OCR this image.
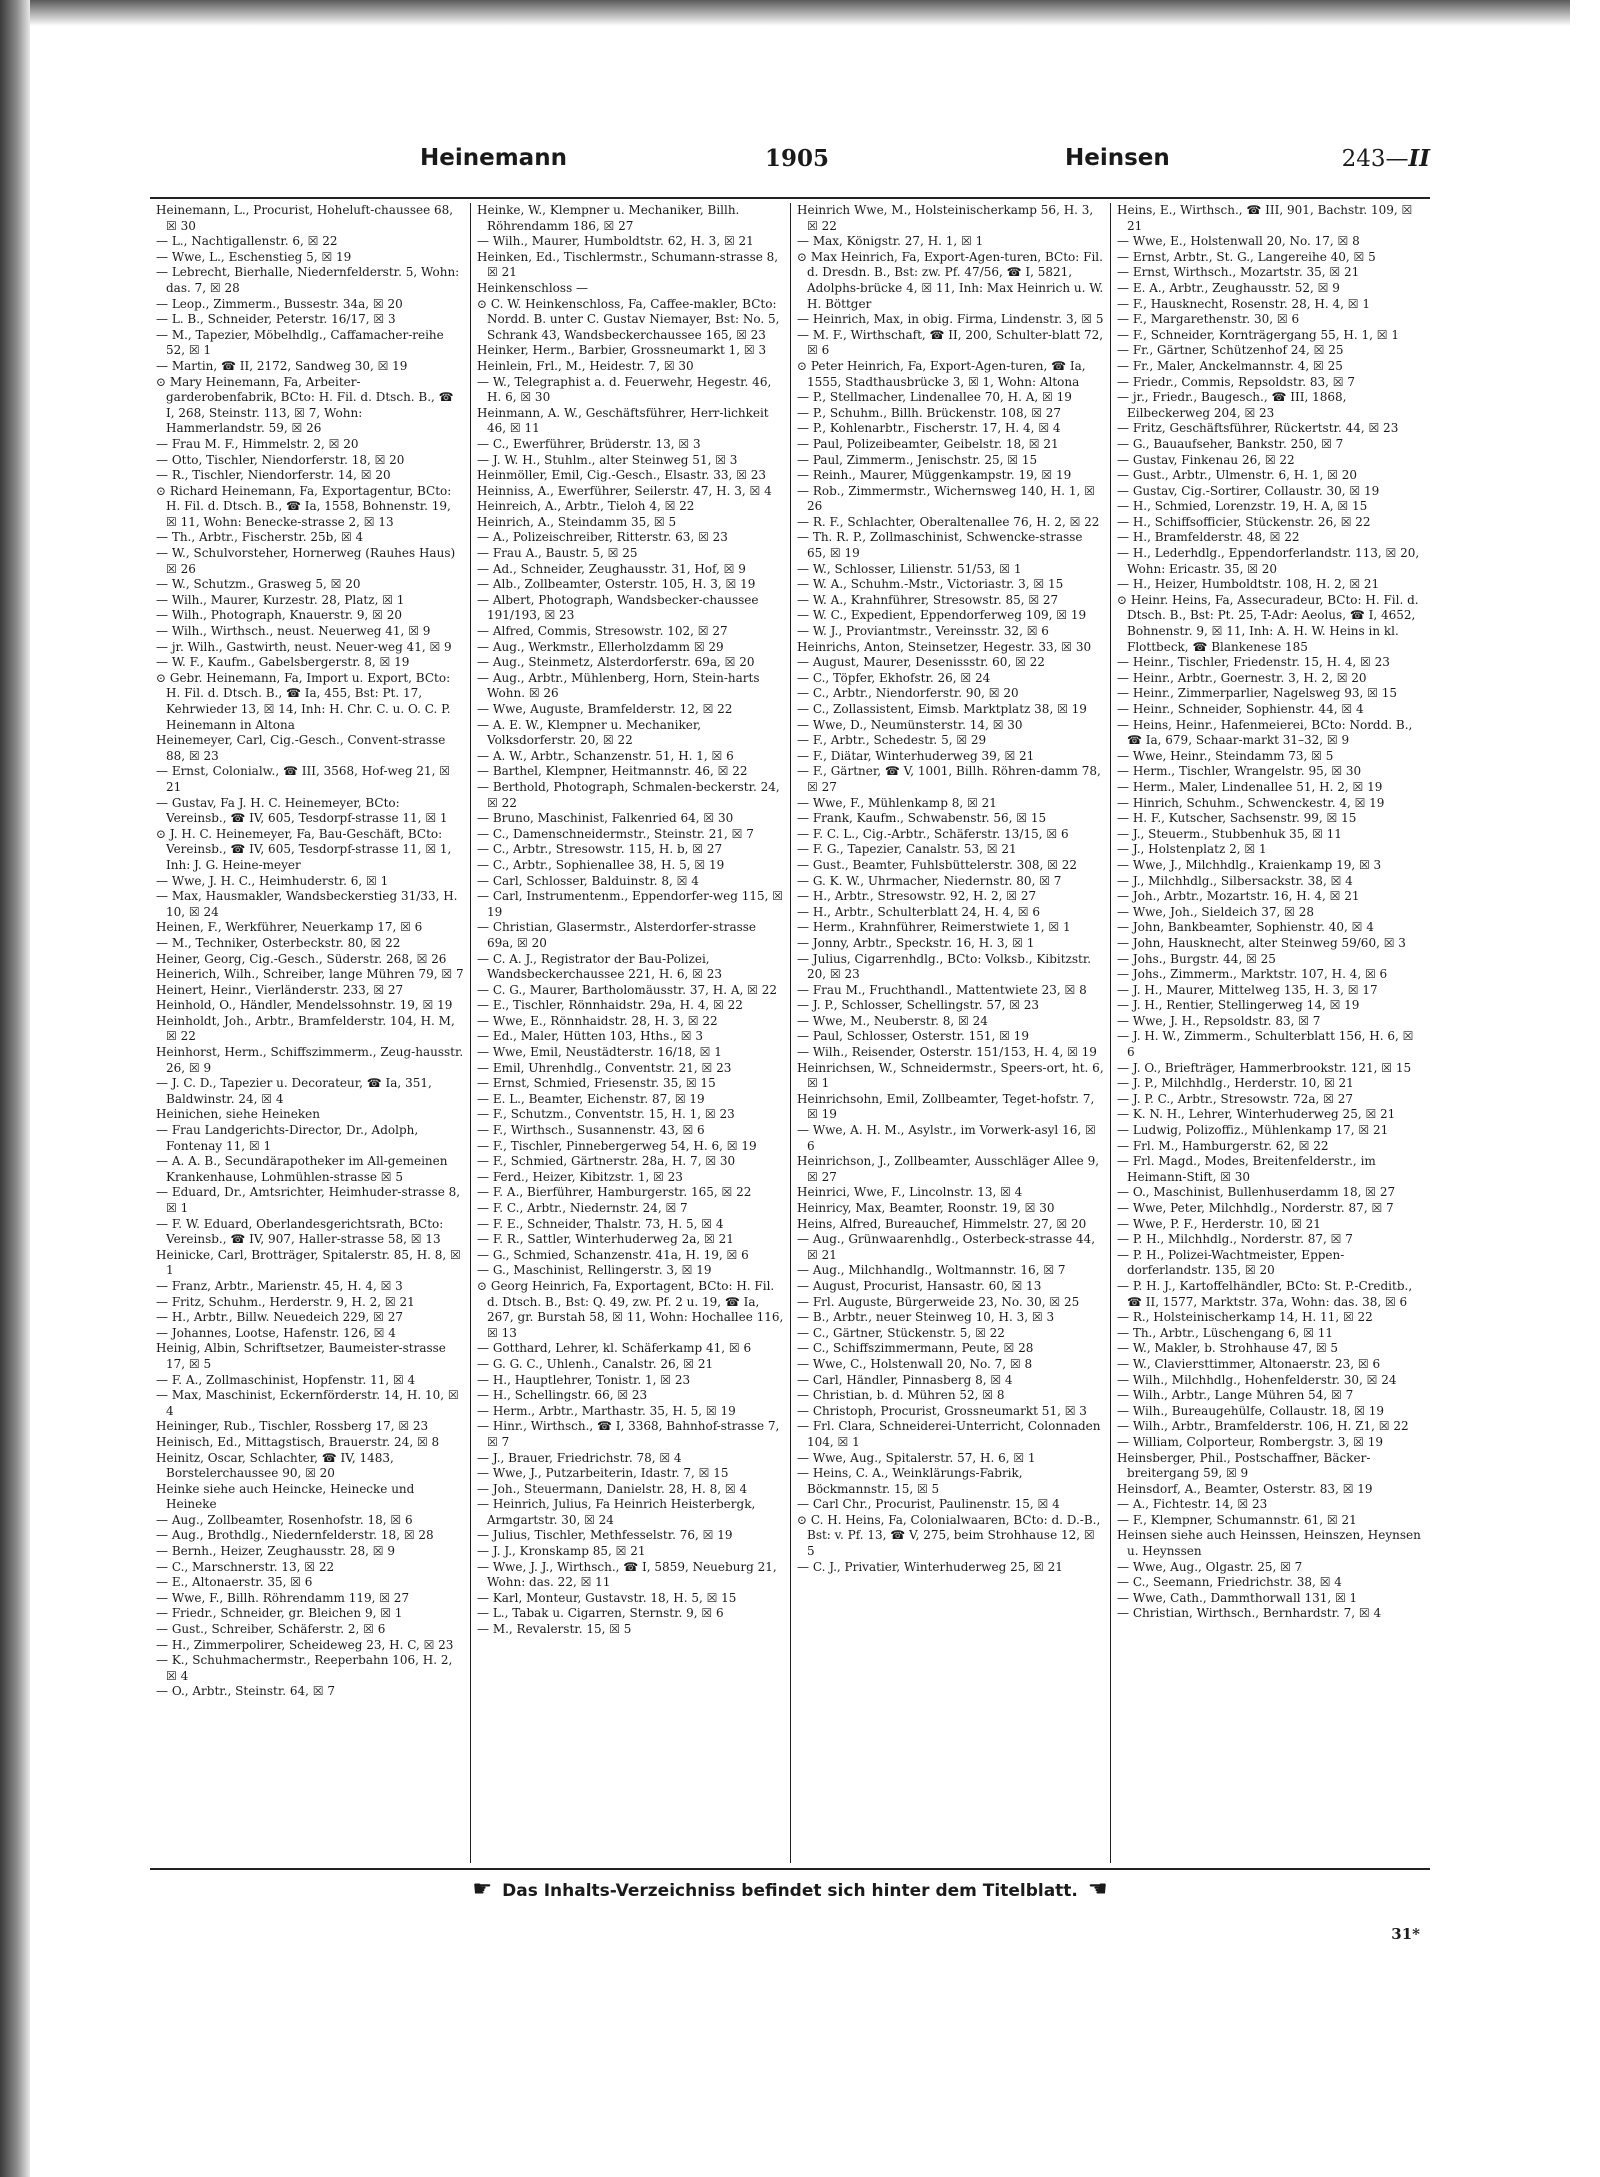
Heinemann	1905	Heinsen	243—II

Heinemann, L., Procurist, Hoheluft-chaussee 68, ☒ 30

— L., Nachtigallenstr. 6, ☒ 22

— Wwe, L., Eschenstieg 5, ☒ 19

— Lebrecht, Bierhalle, Niedernfelderstr. 5, Wohn: das. 7, ☒ 28

— Leop., Zimmerm., Bussestr. 34a, ☒ 20

— L. B., Schneider, Peterstr. 16/17, ☒ 3

— M., Tapezier, Möbelhdlg., Caffamacher-reihe 52, ☒ 1

— Martin, ☎ II, 2172, Sandweg 30, ☒ 19

⊙ Mary Heinemann, Fa, Arbeiter-garderobenfabrik, BCto: H. Fil. d. Dtsch. B., ☎ I, 268, Steinstr. 113, ☒ 7, Wohn: Hammerlandstr. 59, ☒ 26

— Frau M. F., Himmelstr. 2, ☒ 20

— Otto, Tischler, Niendorferstr. 18, ☒ 20

— R., Tischler, Niendorferstr. 14, ☒ 20

⊙ Richard Heinemann, Fa, Exportagentur, BCto: H. Fil. d. Dtsch. B., ☎ Ia, 1558, Bohnenstr. 19, ☒ 11, Wohn: Benecke-strasse 2, ☒ 13

— Th., Arbtr., Fischerstr. 25b, ☒ 4

— W., Schulvorsteher, Hornerweg (Rauhes Haus) ☒ 26

— W., Schutzm., Grasweg 5, ☒ 20

— Wilh., Maurer, Kurzestr. 28, Platz, ☒ 1

— Wilh., Photograph, Knauerstr. 9, ☒ 20

— Wilh., Wirthsch., neust. Neuerweg 41, ☒ 9

— jr. Wilh., Gastwirth, neust. Neuer-weg 41, ☒ 9

— W. F., Kaufm., Gabelsbergerstr. 8, ☒ 19

⊙ Gebr. Heinemann, Fa, Import u. Export, BCto: H. Fil. d. Dtsch. B., ☎ Ia, 455, Bst: Pt. 17, Kehrwieder 13, ☒ 14, Inh: H. Chr. C. u. O. C. P. Heinemann in Altona

Heinemeyer, Carl, Cig.-Gesch., Convent-strasse 88, ☒ 23

— Ernst, Colonialw., ☎ III, 3568, Hof-weg 21, ☒ 21

— Gustav, Fa J. H. C. Heinemeyer, BCto: Vereinsb., ☎ IV, 605, Tesdorpf-strasse 11, ☒ 1

⊙ J. H. C. Heinemeyer, Fa, Bau-Geschäft, BCto: Vereinsb., ☎ IV, 605, Tesdorpf-strasse 11, ☒ 1, Inh: J. G. Heine-meyer

— Wwe, J. H. C., Heimhuderstr. 6, ☒ 1

— Max, Hausmakler, Wandsbeckerstieg 31/33, H. 10, ☒ 24

Heinen, F., Werkführer, Neuerkamp 17, ☒ 6

— M., Techniker, Osterbeckstr. 80, ☒ 22

Heiner, Georg, Cig.-Gesch., Süderstr. 268, ☒ 26

Heinerich, Wilh., Schreiber, lange Mühren 79, ☒ 7

Heinert, Heinr., Vierländerstr. 233, ☒ 27

Heinhold, O., Händler, Mendelssohnstr. 19, ☒ 19

Heinholdt, Joh., Arbtr., Bramfelderstr. 104, H. M, ☒ 22

Heinhorst, Herm., Schiffszimmerm., Zeug-hausstr. 26, ☒ 9

— J. C. D., Tapezier u. Decorateur, ☎ Ia, 351, Baldwinstr. 24, ☒ 4

Heinichen, siehe Heineken

— Frau Landgerichts-Director, Dr., Adolph, Fontenay 11, ☒ 1

— A. A. B., Secundärapotheker im All-gemeinen Krankenhause, Lohmühlen-strasse ☒ 5

— Eduard, Dr., Amtsrichter, Heimhuder-strasse 8, ☒ 1

— F. W. Eduard, Oberlandesgerichtsrath, BCto: Vereinsb., ☎ IV, 907, Haller-strasse 58, ☒ 13

Heinicke, Carl, Brotträger, Spitalerstr. 85, H. 8, ☒ 1

— Franz, Arbtr., Marienstr. 45, H. 4, ☒ 3

— Fritz, Schuhm., Herderstr. 9, H. 2, ☒ 21

— H., Arbtr., Billw. Neuedeich 229, ☒ 27

— Johannes, Lootse, Hafenstr. 126, ☒ 4

Heinig, Albin, Schriftsetzer, Baumeister-strasse 17, ☒ 5

— F. A., Zollmaschinist, Hopfenstr. 11, ☒ 4

— Max, Maschinist, Eckernförderstr. 14, H. 10, ☒ 4

Heininger, Rub., Tischler, Rossberg 17, ☒ 23

Heinisch, Ed., Mittagstisch, Brauerstr. 24, ☒ 8

Heinitz, Oscar, Schlachter, ☎ IV, 1483, Borstelerchaussee 90, ☒ 20

Heinke siehe auch Heincke, Heinecke und Heineke

— Aug., Zollbeamter, Rosenhofstr. 18, ☒ 6

— Aug., Brothdlg., Niedernfelderstr. 18, ☒ 28

— Bernh., Heizer, Zeughausstr. 28, ☒ 9

— C., Marschnerstr. 13, ☒ 22

— E., Altonaerstr. 35, ☒ 6

— Wwe, F., Billh. Röhrendamm 119, ☒ 27

— Friedr., Schneider, gr. Bleichen 9, ☒ 1

— Gust., Schreiber, Schäferstr. 2, ☒ 6

— H., Zimmerpolirer, Scheideweg 23, H. C, ☒ 23

— K., Schuhmachermstr., Reeperbahn 106, H. 2, ☒ 4

— O., Arbtr., Steinstr. 64, ☒ 7

Heinke, W., Klempner u. Mechaniker, Billh. Röhrendamm 186, ☒ 27

— Wilh., Maurer, Humboldtstr. 62, H. 3, ☒ 21

Heinken, Ed., Tischlermstr., Schumann-strasse 8, ☒ 21

Heinkenschloss —

⊙ C. W. Heinkenschloss, Fa, Caffee-makler, BCto: Nordd. B. unter C. Gustav Niemayer, Bst: No. 5, Schrank 43, Wandsbeckerchaussee 165, ☒ 23

Heinker, Herm., Barbier, Grossneumarkt 1, ☒ 3

Heinlein, Frl., M., Heidestr. 7, ☒ 30

— W., Telegraphist a. d. Feuerwehr, Hegestr. 46, H. 6, ☒ 30

Heinmann, A. W., Geschäftsführer, Herr-lichkeit 46, ☒ 11

— C., Ewerführer, Brüderstr. 13, ☒ 3

— J. W. H., Stuhlm., alter Steinweg 51, ☒ 3

Heinmöller, Emil, Cig.-Gesch., Elsastr. 33, ☒ 23

Heinniss, A., Ewerführer, Seilerstr. 47, H. 3, ☒ 4

Heinreich, A., Arbtr., Tieloh 4, ☒ 22

Heinrich, A., Steindamm 35, ☒ 5

— A., Polizeischreiber, Ritterstr. 63, ☒ 23

— Frau A., Baustr. 5, ☒ 25

— Ad., Schneider, Zeughausstr. 31, Hof, ☒ 9

— Alb., Zollbeamter, Osterstr. 105, H. 3, ☒ 19

— Albert, Photograph, Wandsbecker-chaussee 191/193, ☒ 23

— Alfred, Commis, Stresowstr. 102, ☒ 27

— Aug., Werkmstr., Ellerholzdamm ☒ 29

— Aug., Steinmetz, Alsterdorferstr. 69a, ☒ 20

— Aug., Arbtr., Mühlenberg, Horn, Stein-harts Wohn. ☒ 26

— Wwe, Auguste, Bramfelderstr. 12, ☒ 22

— A. E. W., Klempner u. Mechaniker, Volksdorferstr. 20, ☒ 22

— A. W., Arbtr., Schanzenstr. 51, H. 1, ☒ 6

— Barthel, Klempner, Heitmannstr. 46, ☒ 22

— Berthold, Photograph, Schmalen-beckerstr. 24, ☒ 22

— Bruno, Maschinist, Falkenried 64, ☒ 30

— C., Damenschneidermstr., Steinstr. 21, ☒ 7

— C., Arbtr., Stresowstr. 115, H. b, ☒ 27

— C., Arbtr., Sophienallee 38, H. 5, ☒ 19

— Carl, Schlosser, Balduinstr. 8, ☒ 4

— Carl, Instrumentenm., Eppendorfer-weg 115, ☒ 19

— Christian, Glasermstr., Alsterdorfer-strasse 69a, ☒ 20

— C. A. J., Registrator der Bau-Polizei, Wandsbeckerchaussee 221, H. 6, ☒ 23

— C. G., Maurer, Bartholomäusstr. 37, H. A, ☒ 22

— E., Tischler, Rönnhaidstr. 29a, H. 4, ☒ 22

— Wwe, E., Rönnhaidstr. 28, H. 3, ☒ 22

— Ed., Maler, Hütten 103, Hths., ☒ 3

— Wwe, Emil, Neustädterstr. 16/18, ☒ 1

— Emil, Uhrenhdlg., Conventstr. 21, ☒ 23

— Ernst, Schmied, Friesenstr. 35, ☒ 15

— E. L., Beamter, Eichenstr. 87, ☒ 19

— F., Schutzm., Conventstr. 15, H. 1, ☒ 23

— F., Wirthsch., Susannenstr. 43, ☒ 6

— F., Tischler, Pinnebergerweg 54, H. 6, ☒ 19

— F., Schmied, Gärtnerstr. 28a, H. 7, ☒ 30

— Ferd., Heizer, Kibitzstr. 1, ☒ 23

— F. A., Bierführer, Hamburgerstr. 165, ☒ 22

— F. C., Arbtr., Niedernstr. 24, ☒ 7

— F. E., Schneider, Thalstr. 73, H. 5, ☒ 4

— F. R., Sattler, Winterhuderweg 2a, ☒ 21

— G., Schmied, Schanzenstr. 41a, H. 19, ☒ 6

— G., Maschinist, Rellingerstr. 3, ☒ 19

⊙ Georg Heinrich, Fa, Exportagent, BCto: H. Fil. d. Dtsch. B., Bst: Q. 49, zw. Pf. 2 u. 19, ☎ Ia, 267, gr. Burstah 58, ☒ 11, Wohn: Hochallee 116, ☒ 13

— Gotthard, Lehrer, kl. Schäferkamp 41, ☒ 6

— G. G. C., Uhlenh., Canalstr. 26, ☒ 21

— H., Hauptlehrer, Tonistr. 1, ☒ 23

— H., Schellingstr. 66, ☒ 23

— Herm., Arbtr., Marthastr. 35, H. 5, ☒ 19

— Hinr., Wirthsch., ☎ I, 3368, Bahnhof-strasse 7, ☒ 7

— J., Brauer, Friedrichstr. 78, ☒ 4

— Wwe, J., Putzarbeiterin, Idastr. 7, ☒ 15

— Joh., Steuermann, Danielstr. 28, H. 8, ☒ 4

— Heinrich, Julius, Fa Heinrich Heisterbergk, Armgartstr. 30, ☒ 24

— Julius, Tischler, Methfesselstr. 76, ☒ 19

— J. J., Kronskamp 85, ☒ 21

— Wwe, J. J., Wirthsch., ☎ I, 5859, Neueburg 21, Wohn: das. 22, ☒ 11

— Karl, Monteur, Gustavstr. 18, H. 5, ☒ 15

— L., Tabak u. Cigarren, Sternstr. 9, ☒ 6

— M., Revalerstr. 15, ☒ 5

Heinrich Wwe, M., Holsteinischerkamp 56, H. 3, ☒ 22

— Max, Königstr. 27, H. 1, ☒ 1

⊙ Max Heinrich, Fa, Export-Agen-turen, BCto: Fil. d. Dresdn. B., Bst: zw. Pf. 47/56, ☎ I, 5821, Adolphs-brücke 4, ☒ 11, Inh: Max Heinrich u. W. H. Böttger

— Heinrich, Max, in obig. Firma, Lindenstr. 3, ☒ 5

— M. F., Wirthschaft, ☎ II, 200, Schulter-blatt 72, ☒ 6

⊙ Peter Heinrich, Fa, Export-Agen-turen, ☎ Ia, 1555, Stadthausbrücke 3, ☒ 1, Wohn: Altona

— P., Stellmacher, Lindenallee 70, H. A, ☒ 19

— P., Schuhm., Billh. Brückenstr. 108, ☒ 27

— P., Kohlenarbtr., Fischerstr. 17, H. 4, ☒ 4

— Paul, Polizeibeamter, Geibelstr. 18, ☒ 21

— Paul, Zimmerm., Jenischstr. 25, ☒ 15

— Reinh., Maurer, Müggenkampstr. 19, ☒ 19

— Rob., Zimmermstr., Wichernsweg 140, H. 1, ☒ 26

— R. F., Schlachter, Oberaltenallee 76, H. 2, ☒ 22

— Th. R. P., Zollmaschinist, Schwencke-strasse 65, ☒ 19

— W., Schlosser, Lilienstr. 51/53, ☒ 1

— W. A., Schuhm.-Mstr., Victoriastr. 3, ☒ 15

— W. A., Krahnführer, Stresowstr. 85, ☒ 27

— W. C., Expedient, Eppendorferweg 109, ☒ 19

— W. J., Proviantmstr., Vereinsstr. 32, ☒ 6

Heinrichs, Anton, Steinsetzer, Hegestr. 33, ☒ 30

— August, Maurer, Desenissstr. 60, ☒ 22

— C., Töpfer, Ekhofstr. 26, ☒ 24

— C., Arbtr., Niendorferstr. 90, ☒ 20

— C., Zollassistent, Eimsb. Marktplatz 38, ☒ 19

— Wwe, D., Neumünsterstr. 14, ☒ 30

— F., Arbtr., Schedestr. 5, ☒ 29

— F., Diätar, Winterhuderweg 39, ☒ 21

— F., Gärtner, ☎ V, 1001, Billh. Röhren-damm 78, ☒ 27

— Wwe, F., Mühlenkamp 8, ☒ 21

— Frank, Kaufm., Schwabenstr. 56, ☒ 15

— F. C. L., Cig.-Arbtr., Schäferstr. 13/15, ☒ 6

— F. G., Tapezier, Canalstr. 53, ☒ 21

— Gust., Beamter, Fuhlsbüttelerstr. 308, ☒ 22

— G. K. W., Uhrmacher, Niedernstr. 80, ☒ 7

— H., Arbtr., Stresowstr. 92, H. 2, ☒ 27

— H., Arbtr., Schulterblatt 24, H. 4, ☒ 6

— Herm., Krahnführer, Reimerstwiete 1, ☒ 1

— Jonny, Arbtr., Speckstr. 16, H. 3, ☒ 1

— Julius, Cigarrenhdlg., BCto: Volksb., Kibitzstr. 20, ☒ 23

— Frau M., Fruchthandl., Mattentwiete 23, ☒ 8

— J. P., Schlosser, Schellingstr. 57, ☒ 23

— Wwe, M., Neuberstr. 8, ☒ 24

— Paul, Schlosser, Osterstr. 151, ☒ 19

— Wilh., Reisender, Osterstr. 151/153, H. 4, ☒ 19

Heinrichsen, W., Schneidermstr., Speers-ort, ht. 6, ☒ 1

Heinrichsohn, Emil, Zollbeamter, Teget-hofstr. 7, ☒ 19

— Wwe, A. H. M., Asylstr., im Vorwerk-asyl 16, ☒ 6

Heinrichson, J., Zollbeamter, Ausschläger Allee 9, ☒ 27

Heinrici, Wwe, F., Lincolnstr. 13, ☒ 4

Heinricy, Max, Beamter, Roonstr. 19, ☒ 30

Heins, Alfred, Bureauchef, Himmelstr. 27, ☒ 20

— Aug., Grünwaarenhdlg., Osterbeck-strasse 44, ☒ 21

— Aug., Milchhandlg., Woltmannstr. 16, ☒ 7

— August, Procurist, Hansastr. 60, ☒ 13

— Frl. Auguste, Bürgerweide 23, No. 30, ☒ 25

— B., Arbtr., neuer Steinweg 10, H. 3, ☒ 3

— C., Gärtner, Stückenstr. 5, ☒ 22

— C., Schiffszimmermann, Peute, ☒ 28

— Wwe, C., Holstenwall 20, No. 7, ☒ 8

— Carl, Händler, Pinnasberg 8, ☒ 4

— Christian, b. d. Mühren 52, ☒ 8

— Christoph, Procurist, Grossneumarkt 51, ☒ 3

— Frl. Clara, Schneiderei-Unterricht, Colonnaden 104, ☒ 1

— Wwe, Aug., Spitalerstr. 57, H. 6, ☒ 1

— Heins, C. A., Weinklärungs-Fabrik, Böckmannstr. 15, ☒ 5

— Carl Chr., Procurist, Paulinenstr. 15, ☒ 4

⊙ C. H. Heins, Fa, Colonialwaaren, BCto: d. D.-B., Bst: v. Pf. 13, ☎ V, 275, beim Strohhause 12, ☒ 5

— C. J., Privatier, Winterhuderweg 25, ☒ 21

Heins, E., Wirthsch., ☎ III, 901, Bachstr. 109, ☒ 21

— Wwe, E., Holstenwall 20, No. 17, ☒ 8

— Ernst, Arbtr., St. G., Langereihe 40, ☒ 5

— Ernst, Wirthsch., Mozartstr. 35, ☒ 21

— E. A., Arbtr., Zeughausstr. 52, ☒ 9

— F., Hausknecht, Rosenstr. 28, H. 4, ☒ 1

— F., Margarethenstr. 30, ☒ 6

— F., Schneider, Kornträgergang 55, H. 1, ☒ 1

— Fr., Gärtner, Schützenhof 24, ☒ 25

— Fr., Maler, Anckelmannstr. 4, ☒ 25

— Friedr., Commis, Repsoldstr. 83, ☒ 7

— jr., Friedr., Baugesch., ☎ III, 1868, Eilbeckerweg 204, ☒ 23

— Fritz, Geschäftsführer, Rückertstr. 44, ☒ 23

— G., Bauaufseher, Bankstr. 250, ☒ 7

— Gustav, Finkenau 26, ☒ 22

— Gust., Arbtr., Ulmenstr. 6, H. 1, ☒ 20

— Gustav, Cig.-Sortirer, Collaustr. 30, ☒ 19

— H., Schmied, Lorenzstr. 19, H. A, ☒ 15

— H., Schiffsofficier, Stückenstr. 26, ☒ 22

— H., Bramfelderstr. 48, ☒ 22

— H., Lederhdlg., Eppendorferlandstr. 113, ☒ 20, Wohn: Ericastr. 35, ☒ 20

— H., Heizer, Humboldtstr. 108, H. 2, ☒ 21

⊙ Heinr. Heins, Fa, Assecuradeur, BCto: H. Fil. d. Dtsch. B., Bst: Pt. 25, T-Adr: Aeolus, ☎ I, 4652, Bohnenstr. 9, ☒ 11, Inh: A. H. W. Heins in kl. Flottbeck, ☎ Blankenese 185

— Heinr., Tischler, Friedenstr. 15, H. 4, ☒ 23

— Heinr., Arbtr., Goernestr. 3, H. 2, ☒ 20

— Heinr., Zimmerparlier, Nagelsweg 93, ☒ 15

— Heinr., Schneider, Sophienstr. 44, ☒ 4

— Heins, Heinr., Hafenmeierei, BCto: Nordd. B., ☎ Ia, 679, Schaar-markt 31–32, ☒ 9

— Wwe, Heinr., Steindamm 73, ☒ 5

— Herm., Tischler, Wrangelstr. 95, ☒ 30

— Herm., Maler, Lindenallee 51, H. 2, ☒ 19

— Hinrich, Schuhm., Schwenckestr. 4, ☒ 19

— H. F., Kutscher, Sachsenstr. 99, ☒ 15

— J., Steuerm., Stubbenhuk 35, ☒ 11

— J., Holstenplatz 2, ☒ 1

— Wwe, J., Milchhdlg., Kraienkamp 19, ☒ 3

— J., Milchhdlg., Silbersackstr. 38, ☒ 4

— Joh., Arbtr., Mozartstr. 16, H. 4, ☒ 21

— Wwe, Joh., Sieldeich 37, ☒ 28

— John, Bankbeamter, Sophienstr. 40, ☒ 4

— John, Hausknecht, alter Steinweg 59/60, ☒ 3

— Johs., Burgstr. 44, ☒ 25

— Johs., Zimmerm., Marktstr. 107, H. 4, ☒ 6

— J. H., Maurer, Mittelweg 135, H. 3, ☒ 17

— J. H., Rentier, Stellingerweg 14, ☒ 19

— Wwe, J. H., Repsoldstr. 83, ☒ 7

— J. H. W., Zimmerm., Schulterblatt 156, H. 6, ☒ 6

— J. O., Briefträger, Hammerbrookstr. 121, ☒ 15

— J. P., Milchhdlg., Herderstr. 10, ☒ 21

— J. P. C., Arbtr., Stresowstr. 72a, ☒ 27

— K. N. H., Lehrer, Winterhuderweg 25, ☒ 21

— Ludwig, Polizoffiz., Mühlenkamp 17, ☒ 21

— Frl. M., Hamburgerstr. 62, ☒ 22

— Frl. Magd., Modes, Breitenfelderstr., im Heimann-Stift, ☒ 30

— O., Maschinist, Bullenhuserdamm 18, ☒ 27

— Wwe, Peter, Milchhdlg., Norderstr. 87, ☒ 7

— Wwe, P. F., Herderstr. 10, ☒ 21

— P. H., Milchhdlg., Norderstr. 87, ☒ 7

— P. H., Polizei-Wachtmeister, Eppen-dorferlandstr. 135, ☒ 20

— P. H. J., Kartoffelhändler, BCto: St. P.-Creditb., ☎ II, 1577, Marktstr. 37a, Wohn: das. 38, ☒ 6

— R., Holsteinischerkamp 14, H. 11, ☒ 22

— Th., Arbtr., Lüschengang 6, ☒ 11

— W., Makler, b. Strohhause 47, ☒ 5

— W., Claviersttimmer, Altonaerstr. 23, ☒ 6

— Wilh., Milchhdlg., Hohenfelderstr. 30, ☒ 24

— Wilh., Arbtr., Lange Mühren 54, ☒ 7

— Wilh., Bureaugehülfe, Collaustr. 18, ☒ 19

— Wilh., Arbtr., Bramfelderstr. 106, H. Z1, ☒ 22

— William, Colporteur, Rombergstr. 3, ☒ 19

Heinsberger, Phil., Postschaffner, Bäcker-breitergang 59, ☒ 9

Heinsdorf, A., Beamter, Osterstr. 83, ☒ 19

— A., Fichtestr. 14, ☒ 23

— F., Klempner, Schumannstr. 61, ☒ 21

Heinsen siehe auch Heinssen, Heinszen, Heynsen u. Heynssen

— Wwe, Aug., Olgastr. 25, ☒ 7

— C., Seemann, Friedrichstr. 38, ☒ 4

— Wwe, Cath., Dammthorwall 131, ☒ 1

— Christian, Wirthsch., Bernhardstr. 7, ☒ 4

☛ Das Inhalts-Verzeichniss befindet sich hinter dem Titelblatt. ☚
31*
